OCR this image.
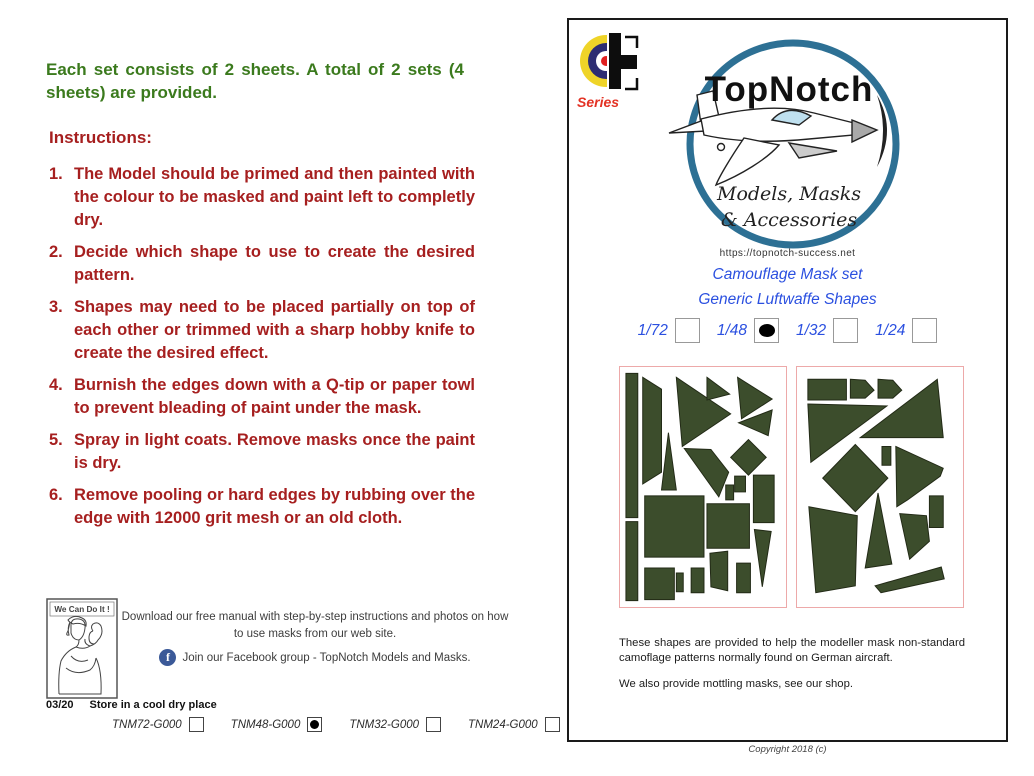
Each set consists of 2 sheets. A total of 2 sets (4 sheets) are provided.
Instructions:
1. The Model should be primed and then painted with the colour to be masked and paint left to completly dry.
2. Decide which shape to use to create the desired pattern.
3. Shapes may need to be placed partially on top of each other or trimmed with a sharp hobby knife to create the desired effect.
4. Burnish the edges down with a Q-tip or paper towl to prevent bleading of paint under the mask.
5. Spray in light coats. Remove masks once the paint is dry.
6. Remove pooling or hard edges by rubbing over the edge with 12000 grit mesh or an old cloth.
We Can Do It !
Download our free manual with step-by-step instructions and photos on how to use masks from our web site.
f	Join our Facebook group - TopNotch Models and Masks.
03/20 Store in a cool dry place
TNM72-G000	TNM48-G000	TNM32-G000	TNM24-G000
Series	TopNotch
Models, Masks
& Accessories
https://topnotch-success.net
Camouflage Mask set
Generic Luftwaffe Shapes
1/72	1/48	1/32	1/24
These shapes are provided to help the modeller mask non-standard camoflage patterns normally found on German aircraft.
We also provide mottling masks, see our shop.
Copyright 2018 (c)
